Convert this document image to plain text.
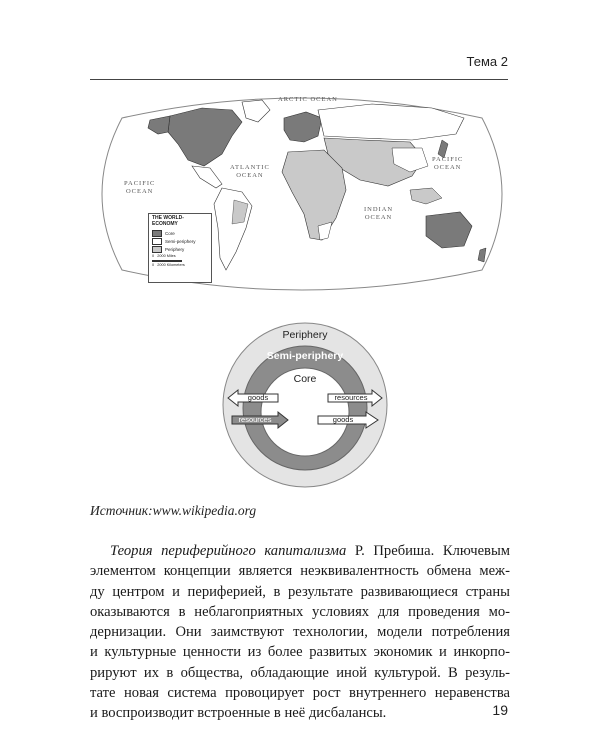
Тема 2
ARCTIC OCEAN
ATLANTIC
OCEAN
PACIFIC
OCEAN
PACIFIC
OCEAN
INDIAN
OCEAN
THE WORLD-ECONOMY
Core
Semi-periphery
Periphery
0 2000 Miles
0 2000 Kilometers
Periphery
Semi-periphery
Core
goods
resources
resources
goods
Источник:www.wikipedia.org
Теория периферийного капитализма Р. Пребиша. Ключевым
элементом концепции является неэквивалентность обмена меж-
ду центром и периферией, в результате развивающиеся страны
оказываются в неблагоприятных условиях для проведения мо-
дернизации. Они заимствуют технологии, модели потребления
и культурные ценности из более развитых экономик и инкорпо-
рируют их в общества, обладающие иной культурой. В резуль-
тате новая система провоцирует рост внутреннего неравенства
и воспроизводит встроенные в неё дисбалансы.	19
